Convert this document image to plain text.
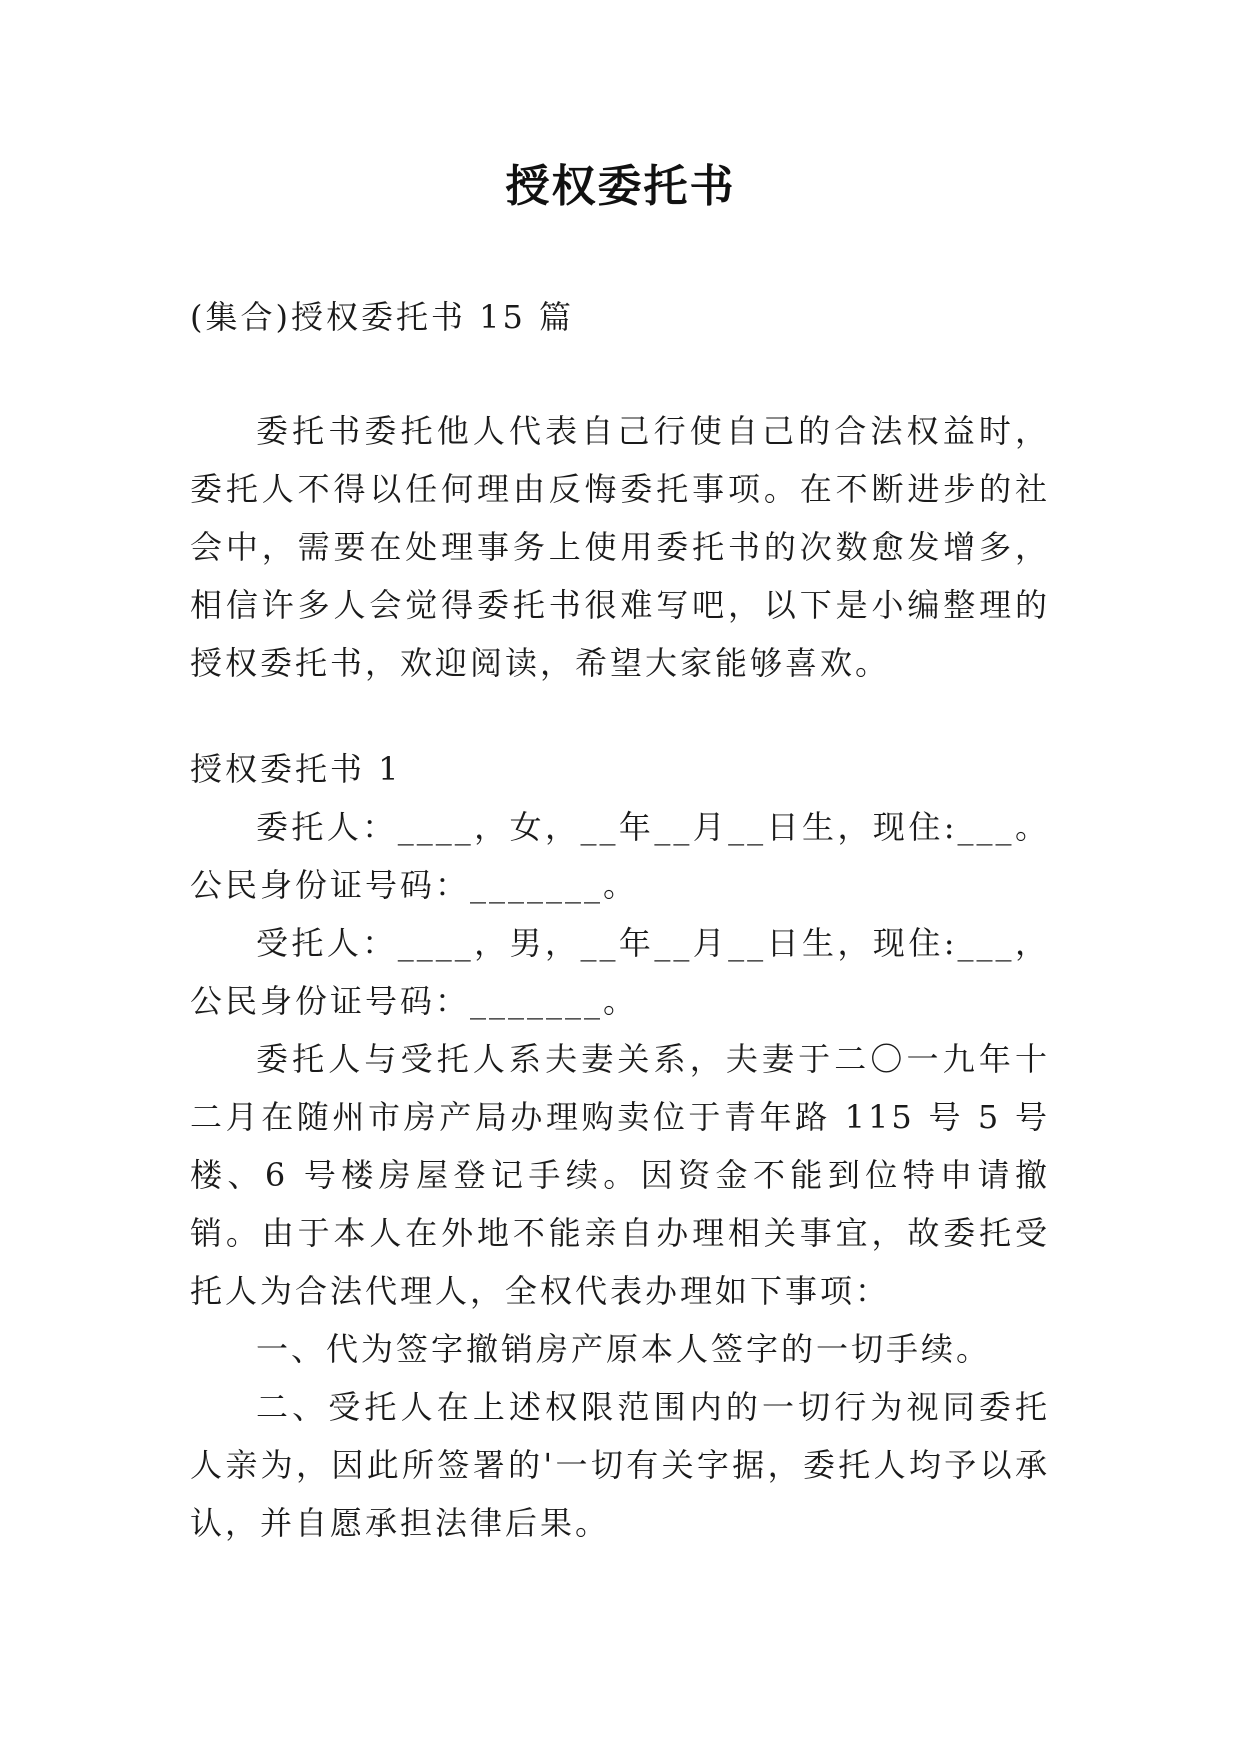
授权委托书
(集合)授权委托书 15 篇
委托书委托他人代表自己行使自己的合法权益时，委托人不得以任何理由反悔委托事项。在不断进步的社会中，需要在处理事务上使用委托书的次数愈发增多，相信许多人会觉得委托书很难写吧，以下是小编整理的授权委托书，欢迎阅读，希望大家能够喜欢。

授权委托书 1

委托人：____，女，__年__月__日生，现住:___。公民身份证号码：_______。

受托人：____，男，__年__月__日生，现住:___，公民身份证号码：_______。

委托人与受托人系夫妻关系，夫妻于二〇一九年十二月在随州市房产局办理购卖位于青年路 115 号 5 号楼、6 号楼房屋登记手续。因资金不能到位特申请撤销。由于本人在外地不能亲自办理相关事宜，故委托受托人为合法代理人，全权代表办理如下事项：

一、代为签字撤销房产原本人签字的一切手续。

二、受托人在上述权限范围内的一切行为视同委托人亲为，因此所签署的'一切有关字据，委托人均予以承认，并自愿承担法律后果。
